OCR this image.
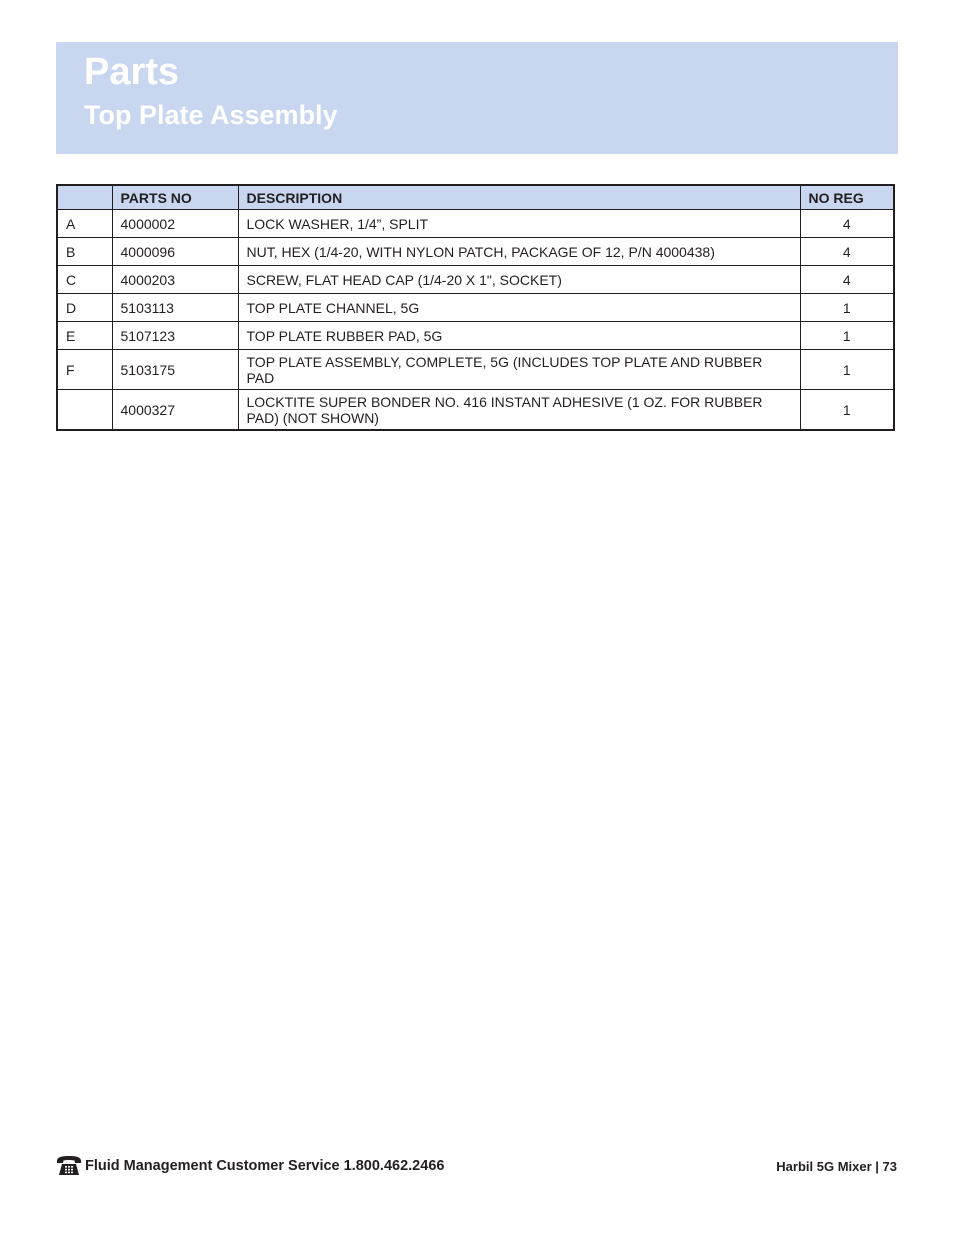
Parts
Top Plate Assembly
	PARTS NO	DESCRIPTION	NO REG
A	4000002	LOCK WASHER, 1/4”, SPLIT	4
B	4000096	NUT, HEX (1/4-20, WITH NYLON PATCH, PACKAGE OF 12, P/N 4000438)	4
C	4000203	SCREW, FLAT HEAD CAP (1/4-20 X 1", SOCKET)	4
D	5103113	TOP PLATE CHANNEL, 5G	1
E	5107123	TOP PLATE RUBBER PAD, 5G	1
F	5103175	TOP PLATE ASSEMBLY, COMPLETE, 5G (INCLUDES TOP PLATE AND RUBBER PAD	1
	4000327	LOCKTITE SUPER BONDER NO. 416 INSTANT ADHESIVE (1 OZ. FOR RUBBER PAD) (NOT SHOWN)	1
Fluid Management Customer Service 1.800.462.2466	Harbil 5G Mixer | 73
